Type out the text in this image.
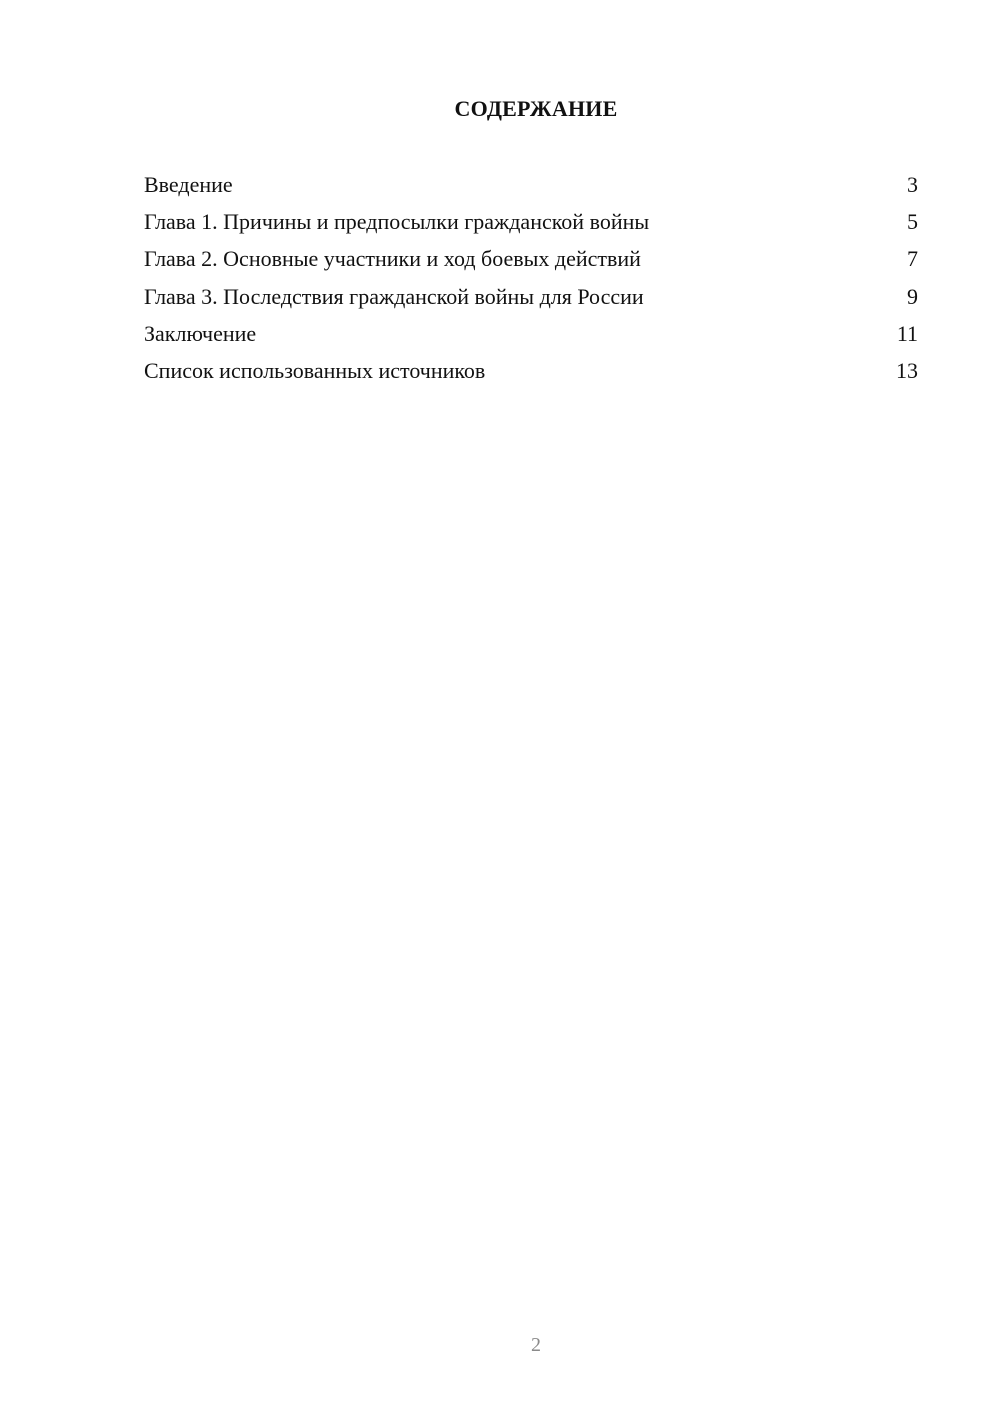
СОДЕРЖАНИЕ
Введение	3
Глава 1. Причины и предпосылки гражданской войны	5
Глава 2. Основные участники и ход боевых действий	7
Глава 3. Последствия гражданской войны для России	9
Заключение	11
Список использованных источников	13
2
